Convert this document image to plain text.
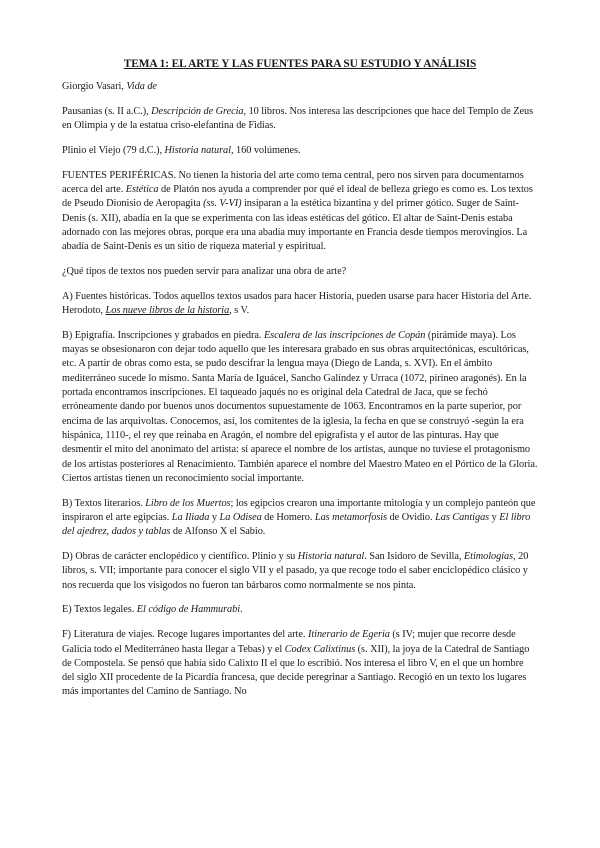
TEMA 1: EL ARTE Y LAS FUENTES PARA SU ESTUDIO Y ANÁLISIS

Giorgio Vasari, Vida de

Pausanias (s. II a.C.), Descripción de Grecia, 10 libros. Nos interesa las descripciones que hace del Templo de Zeus en Olimpia y de la estatua criso-elefantina de Fidias.

Plinio el Viejo (79 d.C.), Historia natural, 160 volúmenes.

FUENTES PERIFÉRICAS. No tienen la historia del arte como tema central, pero nos sirven para documentarnos acerca del arte. Estética de Platón nos ayuda a comprender por qué el ideal de belleza griego es como es. Los textos de Pseudo Dionisio de Aeropagita (ss. V-VI) insiparan a la estética bizantina y del primer gótico. Suger de Saint-Denis (s. XII), abadía en la que se experimenta con las ideas estéticas del gótico. El altar de Saint-Denis estaba adornado con las mejores obras, porque era una abadía muy importante en Francia desde tiempos merovingios. La abadía de Saint-Denis es un sitio de riqueza material y espiritual.

¿Qué tipos de textos nos pueden servir para analizar una obra de arte?

A) Fuentes históricas. Todos aquellos textos usados para hacer Historia, pueden usarse para hacer Historia del Arte. Herodoto, Los nueve libros de la historia, s V.

B) Epigrafía. Inscripciones y grabados en piedra. Escalera de las inscripciones de Copán (pirámide maya). Los mayas se obsesionaron con dejar todo aquello que les interesara grabado en sus obras arquitectónicas, escultóricas, etc. A partir de obras como esta, se pudo descifrar la lengua maya (Diego de Landa, s. XVI). En el ámbito mediterráneo sucede lo mismo. Santa María de Iguácel, Sancho Galíndez y Urraca (1072, pirineo aragonés). En la portada encontramos inscripciones. El taqueado jaqués no es original dela Catedral de Jaca, que se fechó erróneamente dando por buenos unos documentos supuestamente de 1063. Encontramos en la parte superior, por encima de las arquivoltas. Conocemos, así, los comitentes de la iglesia, la fecha en que se construyó -según la era hispánica, 1110-, el rey que reinaba en Aragón, el nombre del epigrafista y el autor de las pinturas. Hay que desmentir el mito del anonimato del artista: sí aparece el nombre de los artistas, aunque no tuviese el protagonismo de los artistas posteriores al Renacimiento. También aparece el nombre del Maestro Mateo en el Pórtico de la Gloria. Ciertos artistas tienen un reconocimiento social importante.

B) Textos literarios. Libro de los Muertos; los egipcios crearon una importante mitología y un complejo panteón que inspiraron el arte egipcias. La Iliada y La Odisea de Homero. Las metamorfosis de Ovidio. Las Cantigas y El libro del ajedrez, dados y tablas de Alfonso X el Sabio.

D) Obras de carácter enclopédico y científico. Plinio y su Historia natural. San Isidoro de Sevilla, Etimologías, 20 libros, s. VII; importante para conocer el siglo VII y el pasado, ya que recoge todo el saber enciclopédico clásico y nos recuerda que los visigodos no fueron tan bárbaros como normalmente se nos pinta.

E) Textos legales. El código de Hammurabi.

F) Literatura de viajes. Recoge lugares importantes del arte. Itinerario de Egeria (s IV; mujer que recorre desde Galicia todo el Mediterráneo hasta llegar a Tebas) y el Codex Calixtinus (s. XII), la joya de la Catedral de Santiago de Compostela. Se pensó que había sido Calixto II el que lo escribió. Nos interesa el libro V, en el que un hombre del siglo XII procedente de la Picardía francesa, que decide peregrinar a Santiago. Recogió en un texto los lugares más importantes del Camino de Santiago. No
